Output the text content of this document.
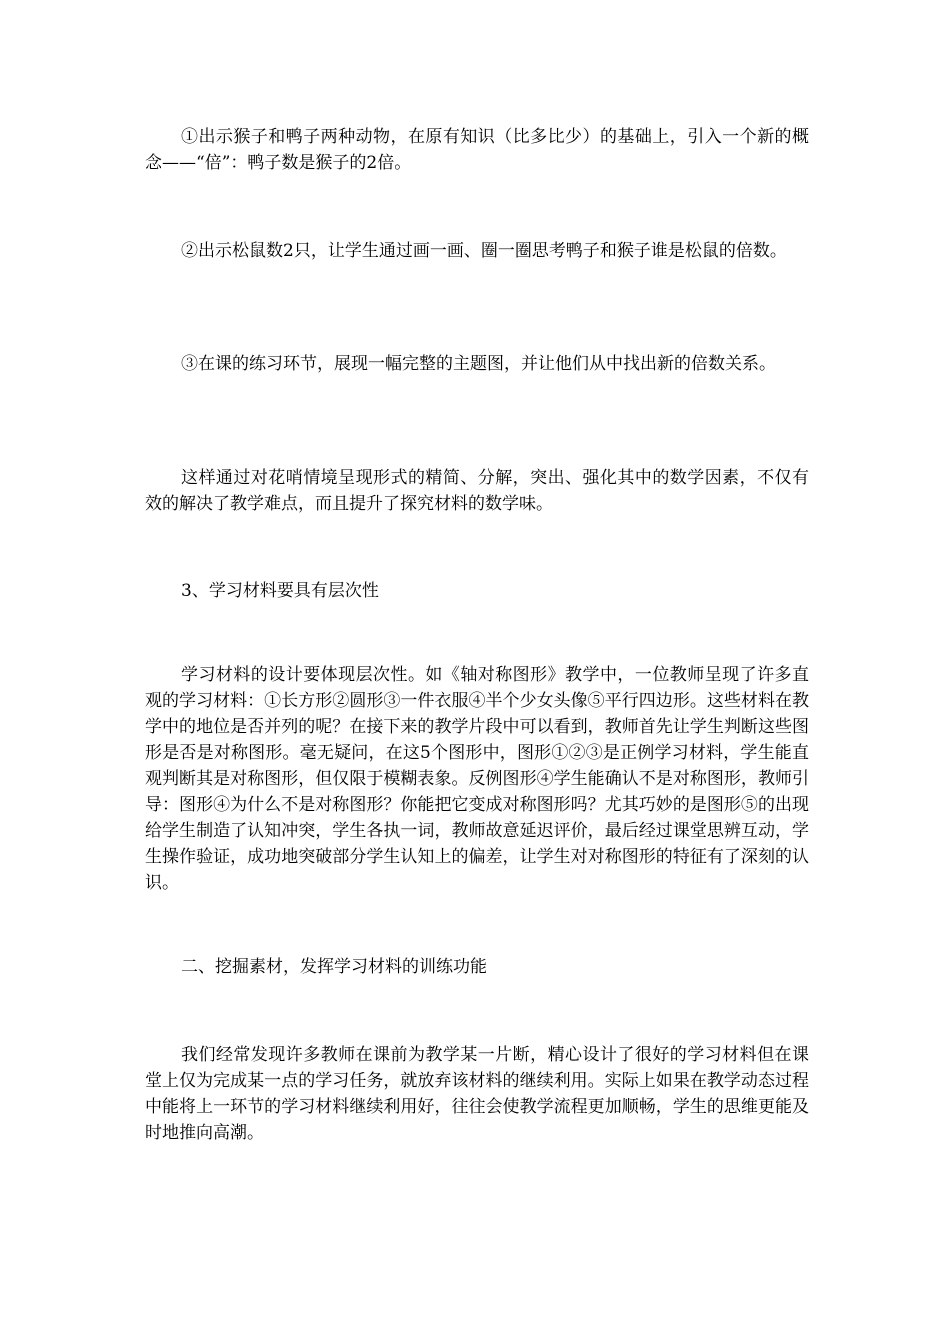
①出示猴子和鸭子两种动物，在原有知识（比多比少）的基础上，引入一个新的概念——“倍”：鸭子数是猴子的2倍。

②出示松鼠数2只，让学生通过画一画、圈一圈思考鸭子和猴子谁是松鼠的倍数。

③在课的练习环节，展现一幅完整的主题图，并让他们从中找出新的倍数关系。

这样通过对花哨情境呈现形式的精简、分解，突出、强化其中的数学因素，不仅有效的解决了教学难点，而且提升了探究材料的数学味。

3、学习材料要具有层次性

学习材料的设计要体现层次性。如《轴对称图形》教学中，一位教师呈现了许多直观的学习材料：①长方形②圆形③一件衣服④半个少女头像⑤平行四边形。这些材料在教学中的地位是否并列的呢？在接下来的教学片段中可以看到，教师首先让学生判断这些图形是否是对称图形。毫无疑问，在这5个图形中，图形①②③是正例学习材料，学生能直观判断其是对称图形，但仅限于模糊表象。反例图形④学生能确认不是对称图形，教师引导：图形④为什么不是对称图形？你能把它变成对称图形吗？尤其巧妙的是图形⑤的出现给学生制造了认知冲突，学生各执一词，教师故意延迟评价，最后经过课堂思辨互动，学生操作验证，成功地突破部分学生认知上的偏差，让学生对对称图形的特征有了深刻的认识。

二、挖掘素材，发挥学习材料的训练功能

我们经常发现许多教师在课前为教学某一片断，精心设计了很好的学习材料但在课堂上仅为完成某一点的学习任务，就放弃该材料的继续利用。实际上如果在教学动态过程中能将上一环节的学习材料继续利用好，往往会使教学流程更加顺畅，学生的思维更能及时地推向高潮。
